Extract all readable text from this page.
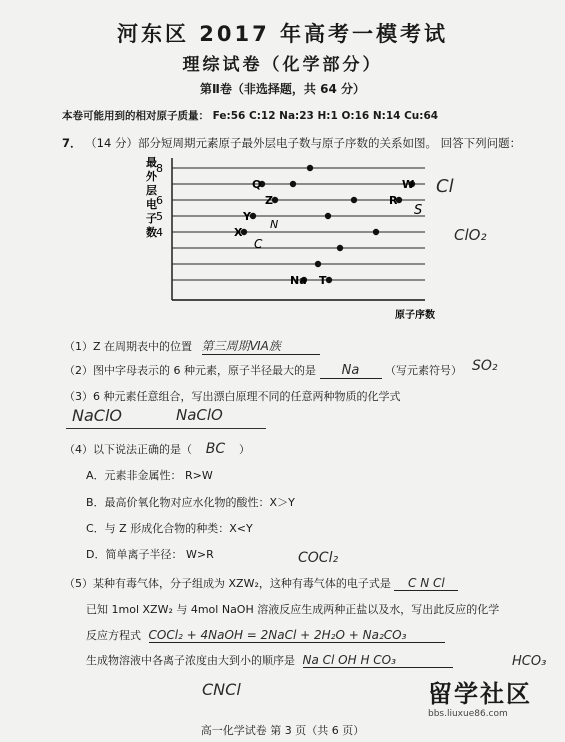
河东区 2017 年高考一模考试
理综试卷（化学部分）
第Ⅱ卷（非选择题，共 64 分）
本卷可能用到的相对原子质量： Fe:56 C:12 Na:23 H:1 O:16 N:14 Cu:64
7． （14 分）部分短周期元素原子最外层电子数与原子序数的关系如图。 回答下列问题：
8
6
5
4
最外层电子数
原子序数
Q	W
Z	R
Y
X
Na T
N
C
S
（1）Z 在周期表中的位置 第三周期ⅥA族
（2）图中字母表示的 6 种元素，原子半径最大的是 Na （写元素符号）
（3）6 种元素任意组合，写出漂白原理不同的任意两种物质的化学式
NaClO	NaClO
（4）以下说法正确的是（ BC ）
A．元素非金属性： R>W
B．最高价氧化物对应水化物的酸性：X＞Y
C．与 Z 形成化合物的种类：X<Y
D．简单离子半径： W>R
（5）某种有毒气体，分子组成为 XZW₂，这种有毒气体的电子式是 C N Cl
已知 1mol XZW₂ 与 4mol NaOH 溶液反应生成两种正盐以及水，写出此反应的化学
反应方程式 COCl₂ + 4NaOH = 2NaCl + 2H₂O + Na₂CO₃
生成物溶液中各离子浓度由大到小的顺序是 Na Cl OH H CO₃
Cl
ClO₂
SO₂
COCl₂
HCO₃
CNCl	留学社区
bbs.liuxue86.com
高一化学试卷 第 3 页（共 6 页）
